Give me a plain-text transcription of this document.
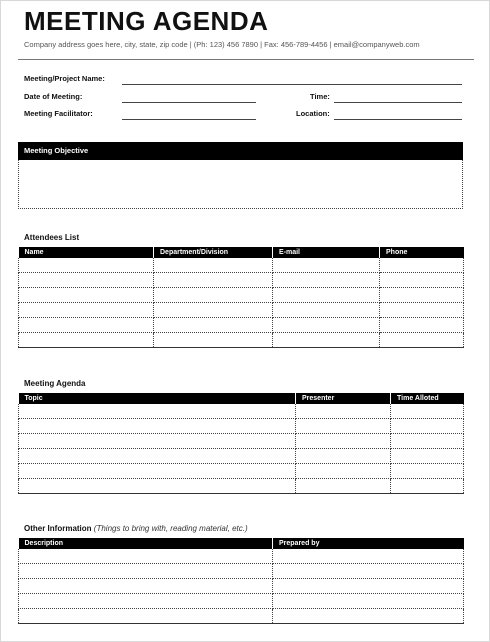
MEETING AGENDA
Company address goes here, city, state, zip code | (Ph: 123) 456 7890 | Fax: 456-789-4456 | email@companyweb.com
Meeting/Project Name:
Date of Meeting:	Time:
Meeting Facilitator:	Location:
Meeting Objective
Attendees List
Name	Department/Division	E-mail	Phone

Meeting Agenda
Topic	Presenter	Time Alloted

Other Information (Things to bring with, reading material, etc.)
Description	Prepared by
